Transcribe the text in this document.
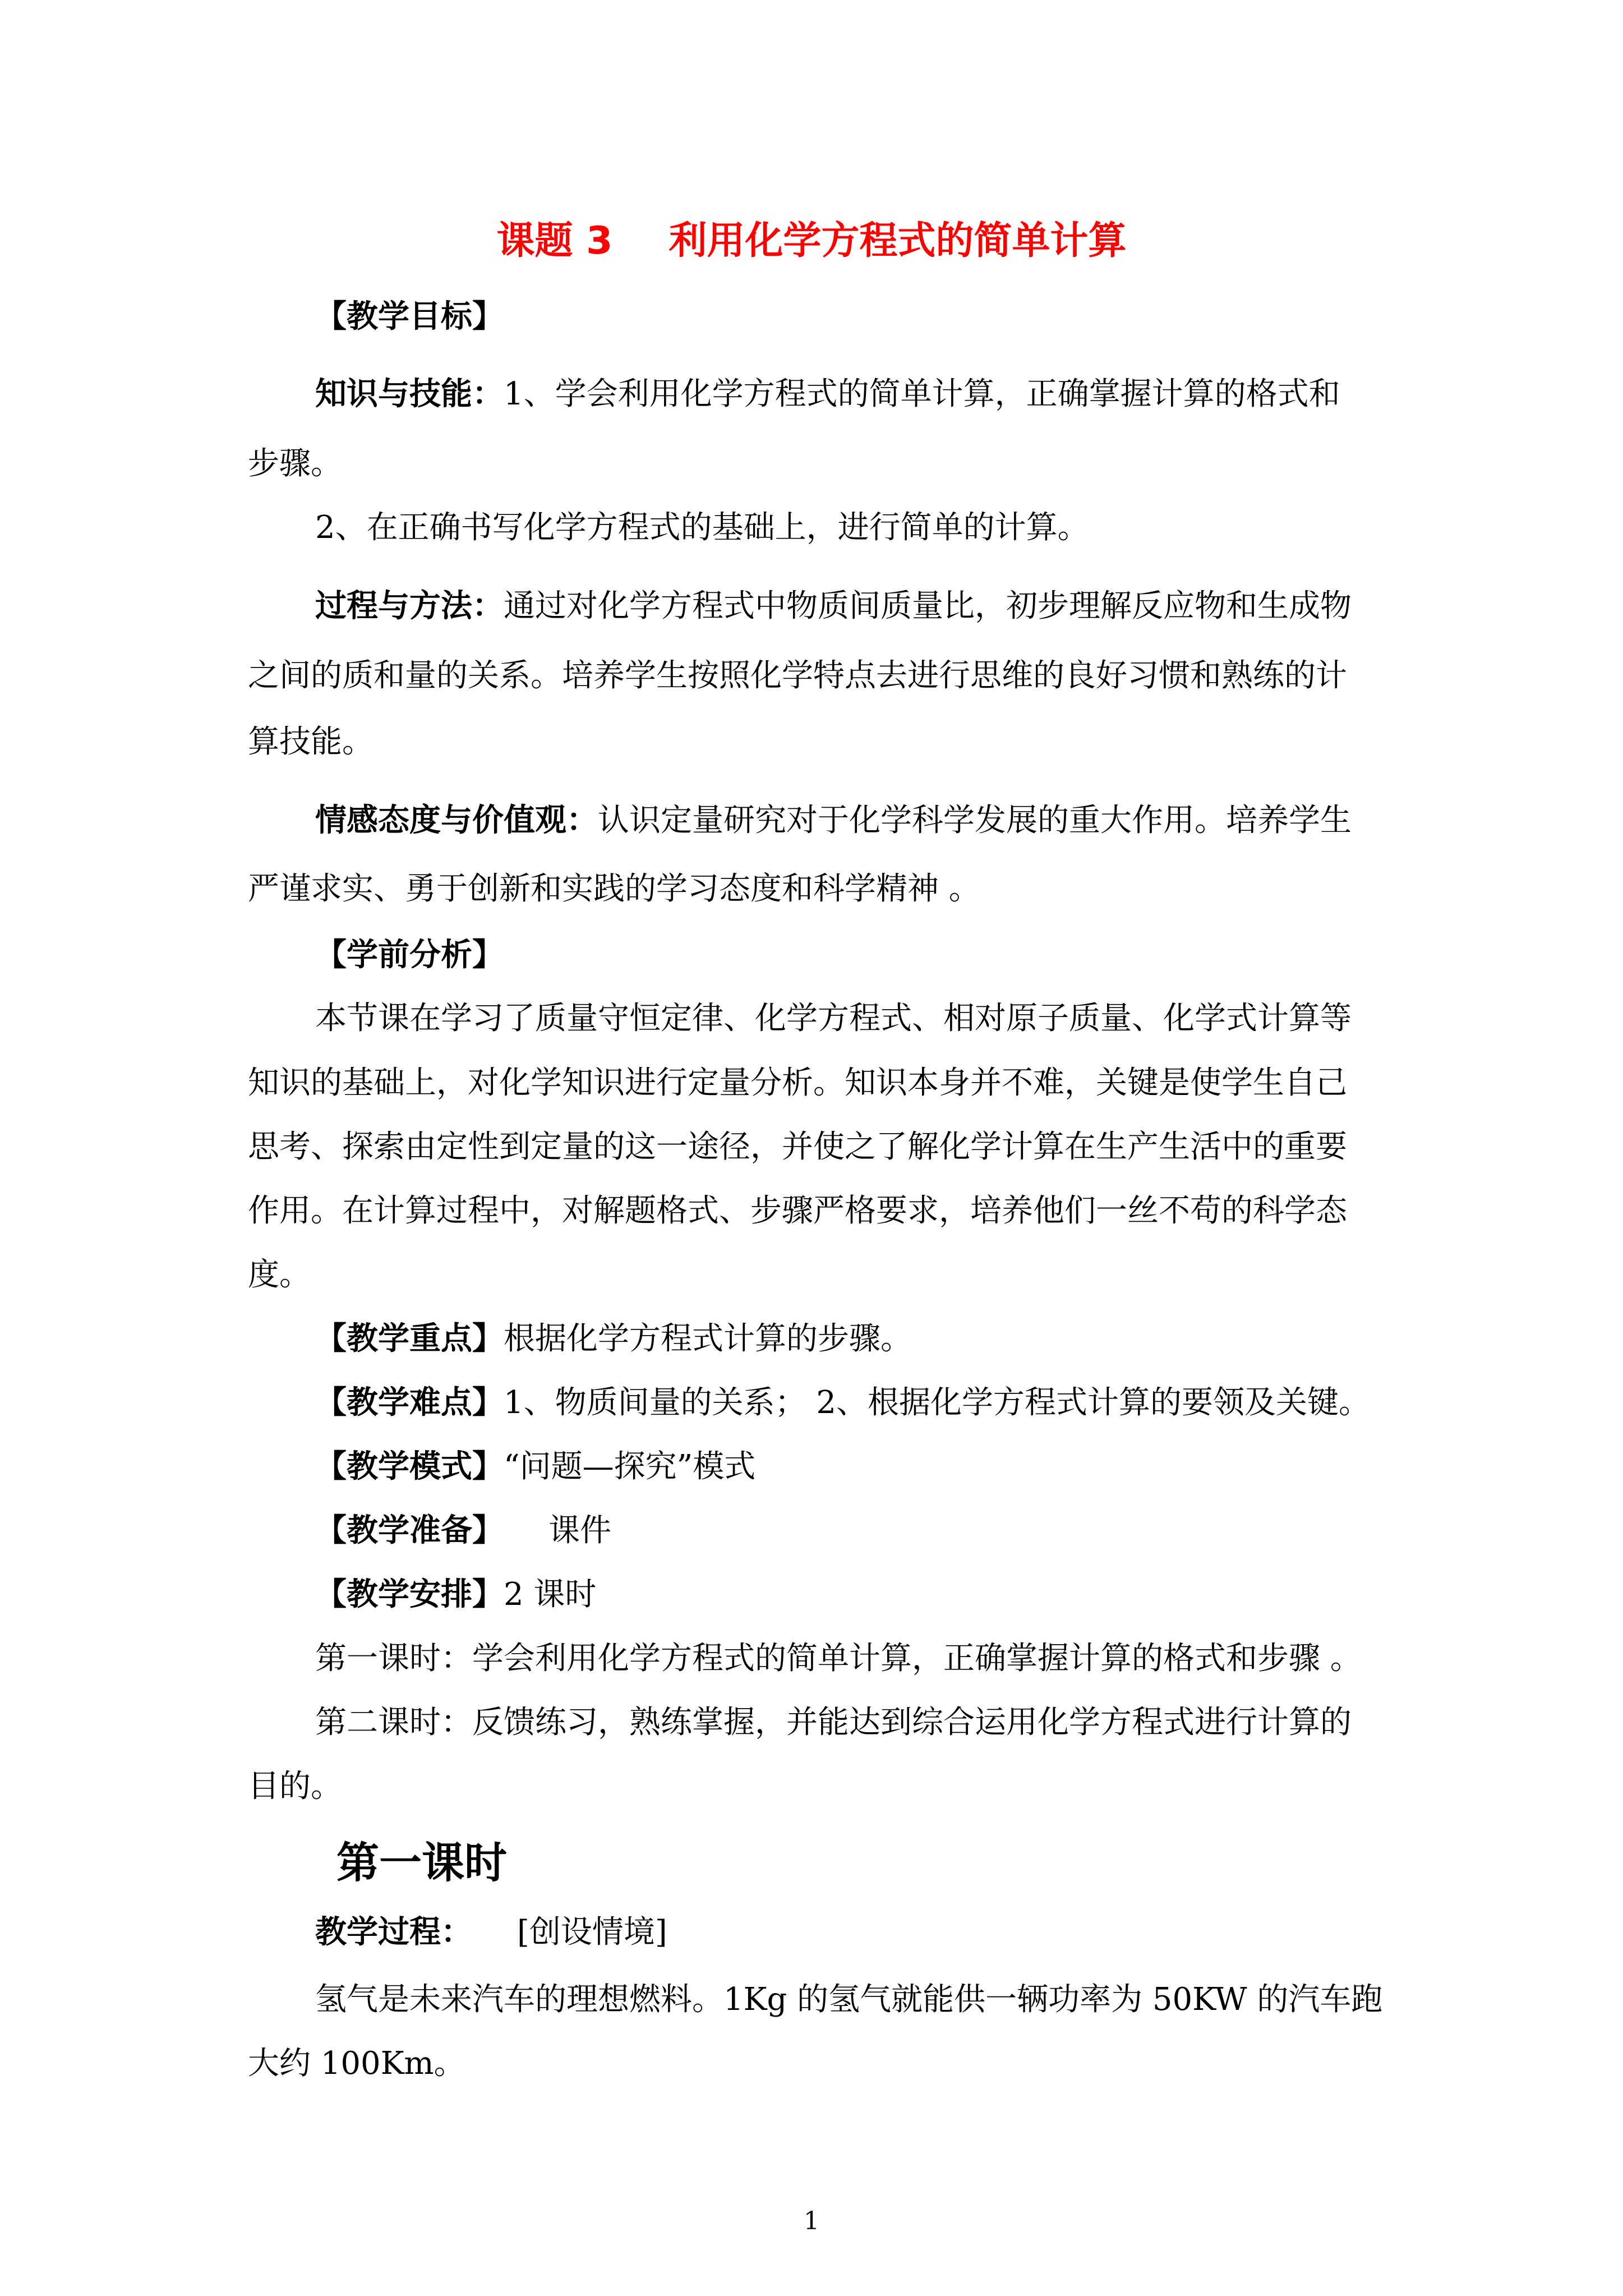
课题 3 利用化学方程式的简单计算
【教学目标】
知识与技能：1、学会利用化学方程式的简单计算，正确掌握计算的格式和
步骤。
2、在正确书写化学方程式的基础上，进行简单的计算。
过程与方法：通过对化学方程式中物质间质量比，初步理解反应物和生成物
之间的质和量的关系。培养学生按照化学特点去进行思维的良好习惯和熟练的计
算技能。
情感态度与价值观：认识定量研究对于化学科学发展的重大作用。培养学生
严谨求实、勇于创新和实践的学习态度和科学精神 。
【学前分析】
本节课在学习了质量守恒定律、化学方程式、相对原子质量、化学式计算等
知识的基础上，对化学知识进行定量分析。知识本身并不难，关键是使学生自己
思考、探索由定性到定量的这一途径，并使之了解化学计算在生产生活中的重要
作用。在计算过程中，对解题格式、步骤严格要求，培养他们一丝不苟的科学态
度。
【教学重点】根据化学方程式计算的步骤。
【教学难点】1、物质间量的关系； 2、根据化学方程式计算的要领及关键。
【教学模式】“问题—探究”模式
【教学准备】 课件
【教学安排】2 课时
第一课时：学会利用化学方程式的简单计算，正确掌握计算的格式和步骤 。
第二课时：反馈练习，熟练掌握，并能达到综合运用化学方程式进行计算的
目的。
第一课时
教学过程： [创设情境]
氢气是未来汽车的理想燃料。1Kg 的氢气就能供一辆功率为 50KW 的汽车跑
大约 100Km。
1
